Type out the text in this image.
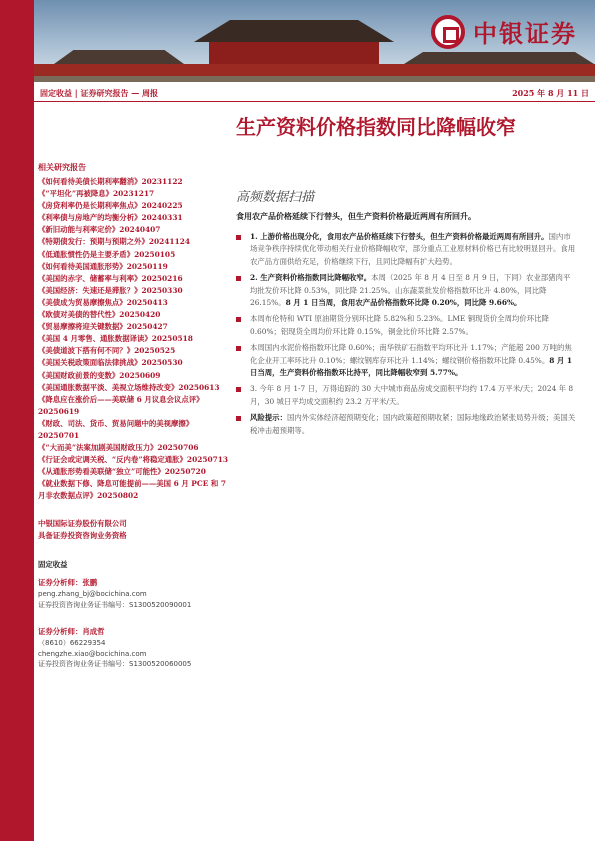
中银证券
固定收益 | 证券研究报告 — 周报	2025 年 8 月 11 日
生产资料价格指数同比降幅收窄
高频数据扫描
食用农产品价格延续下行替头，但生产资料价格最近两周有所回升。
相关研究报告
《如何看待美债长期利率翻消》20231122
《“平坦化”再被降息》20231217
《房贷利率仍是长期利率焦点》20240225
《利率债与房地产的均衡分析》20240331
《新旧动能与利率定价》20240407
《特期债发行：预期与预期之外》20241124
《低通胀惯性仍是主要矛盾》20250105
《如何看待美国通胀形势》20250119
《美国的赤字、储蓄率与利率》20250216
《美国经济：失速还是滞胀？》20250330
《美债成为贸易摩擦焦点》20250413
《欧债对美债的替代性》20250420
《贸易摩擦将迎关键数据》20250427
《美国 4 月零售、通胀数据译读》20250518
《美债道波下搭有何不同？》20250525
《美国关税政策面临法律挑战》20250530
《美国财政前景的变数》20250609
《美国通胀数据平淡、美视立场维持改变》20250613
《降息应在涨价后——美联储 6 月议息会议点评》20250619
《财政、司法、货币、贸易问题中的美视摩擦》20250701
《“大而美”法案加剧美国财政压力》20250706
《行证会或定调关税、“反内卷”将稳定通胀》20250713
《从通胀形势看美联储“独立”可能性》20250720
《就业数据下修、降息可能提前——美国 6 月 PCE 和 7 月非农数据点评》20250802
中银国际证券股份有限公司
具备证券投资咨询业务资格
固定收益
证券分析师：张鹏
peng.zhang_bj@bocichina.com
证券投资咨询业务证书编号：S1300520090001
证券分析师：肖成哲
（8610）66229354
chengzhe.xiao@bocichina.com
证券投资咨询业务证书编号：S1300520060005
1. 上游价格出现分化，食用农产品价格延续下行替头，但生产资料价格最近两周有所回升。国内市场竞争秩序持续优化带动相关行业价格降幅收窄，部分重点工业原材料价格已有比较明显回升。食用农产品方面供给充足，价格继续下行，且同比降幅有扩大趋势。
2. 生产资料价格指数同比降幅收窄。本周（2025 年 8 月 4 日至 8 月 9 日，下同）农业部猪肉平均批发价环比降 0.53%，同比降 21.25%。山东蔬菜批发价格指数环比升 4.80%，同比降 26.15%。8 月 1 日当周，食用农产品价格指数环比降 0.20%，同比降 9.66%。
本周布伦特和 WTI 原油期货分别环比降 5.82%和 5.23%。LME 铜现货价全周均价环比降 0.60%；铝现货全周均价环比降 0.15%，铜金比价环比降 2.57%。
本周国内水泥价格指数环比降 0.60%；南华铁矿石指数平均环比升 1.17%；产能超 200 万吨的焦化企业开工率环比升 0.10%；螺纹钢库存环比升 1.14%；螺纹钢价格指数环比降 0.45%。8 月 1 日当周，生产资料价格指数环比持平，同比降幅收窄到 5.77%。
3. 今年 8 月 1-7 日，万得追踪的 30 大中城市商品房成交面积平均约 17.4 万平米/天；2024 年 8 月，30 城日平均成交面积约 23.2 万平米/天。
风险提示：国内外实体经济超预期变化；国内政策超预期收紧；国际地缘政治紧张局势升级；美国关税冲击超预期等。
